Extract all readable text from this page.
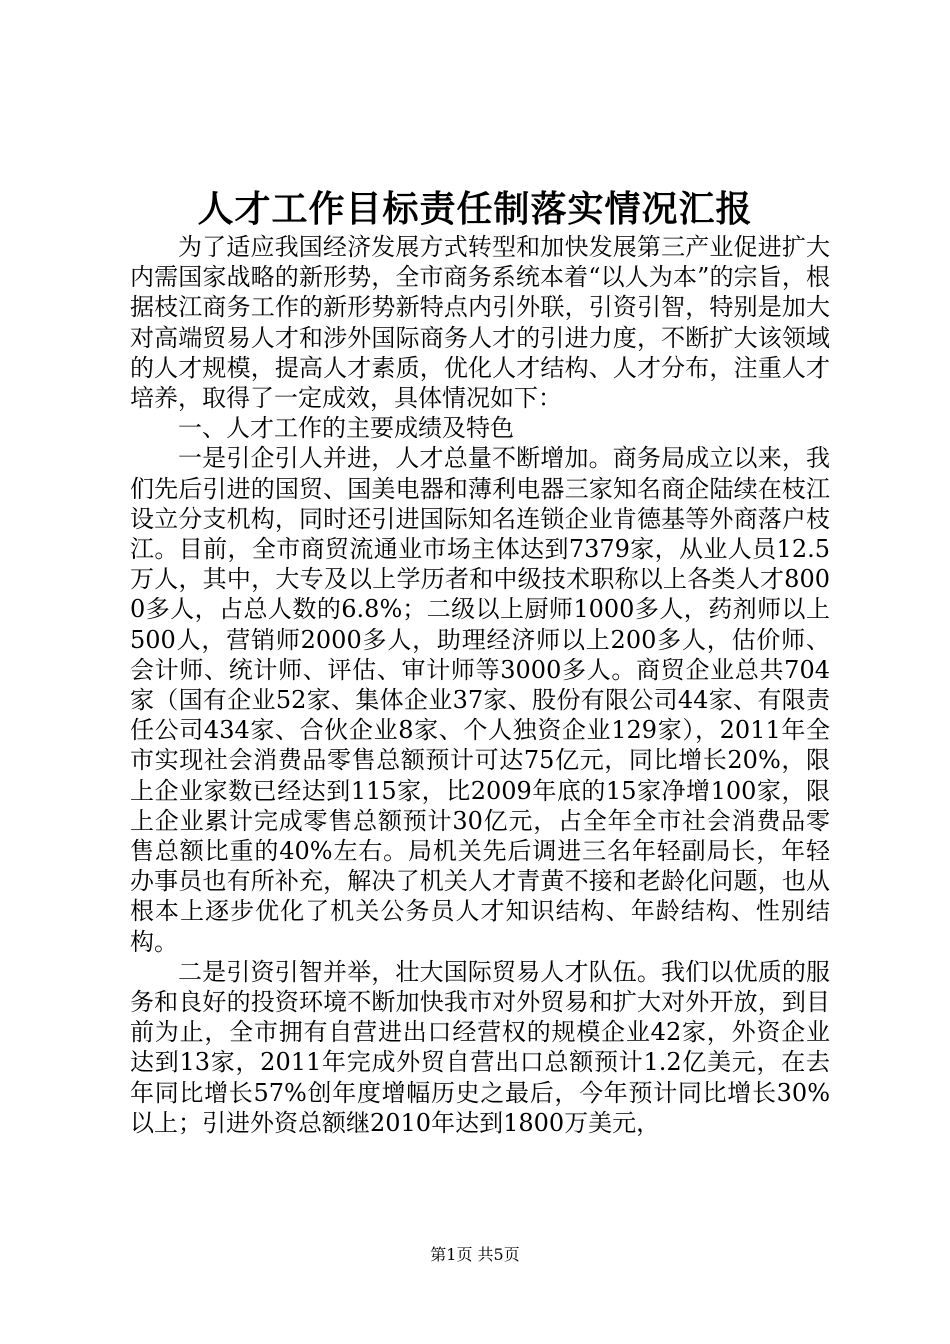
人才工作目标责任制落实情况汇报

为了适应我国经济发展方式转型和加快发展第三产业促进扩大内需国家战略的新形势，全市商务系统本着“以人为本”的宗旨，根据枝江商务工作的新形势新特点内引外联，引资引智，特别是加大对高端贸易人才和涉外国际商务人才的引进力度，不断扩大该领域的人才规模，提高人才素质，优化人才结构、人才分布，注重人才培养，取得了一定成效，具体情况如下：

一、人才工作的主要成绩及特色

一是引企引人并进，人才总量不断增加。商务局成立以来，我们先后引进的国贸、国美电器和薄利电器三家知名商企陆续在枝江设立分支机构，同时还引进国际知名连锁企业肯德基等外商落户枝江。目前，全市商贸流通业市场主体达到7379家，从业人员12.5万人，其中，大专及以上学历者和中级技术职称以上各类人才8000多人，占总人数的6.8%；二级以上厨师1000多人，药剂师以上500人，营销师2000多人，助理经济师以上200多人，估价师、会计师、统计师、评估、审计师等3000多人。商贸企业总共704家（国有企业52家、集体企业37家、股份有限公司44家、有限责任公司434家、合伙企业8家、个人独资企业129家），2011年全市实现社会消费品零售总额预计可达75亿元，同比增长20%，限上企业家数已经达到115家，比2009年底的15家净增100家，限上企业累计完成零售总额预计30亿元，占全年全市社会消费品零售总额比重的40%左右。局机关先后调进三名年轻副局长，年轻办事员也有所补充，解决了机关人才青黄不接和老龄化问题，也从根本上逐步优化了机关公务员人才知识结构、年龄结构、性别结构。

二是引资引智并举，壮大国际贸易人才队伍。我们以优质的服务和良好的投资环境不断加快我市对外贸易和扩大对外开放，到目前为止，全市拥有自营进出口经营权的规模企业42家，外资企业达到13家，2011年完成外贸自营出口总额预计1.2亿美元，在去年同比增长57%创年度增幅历史之最后，今年预计同比增长30%以上；引进外资总额继2010年达到1800万美元，

第1页 共5页
